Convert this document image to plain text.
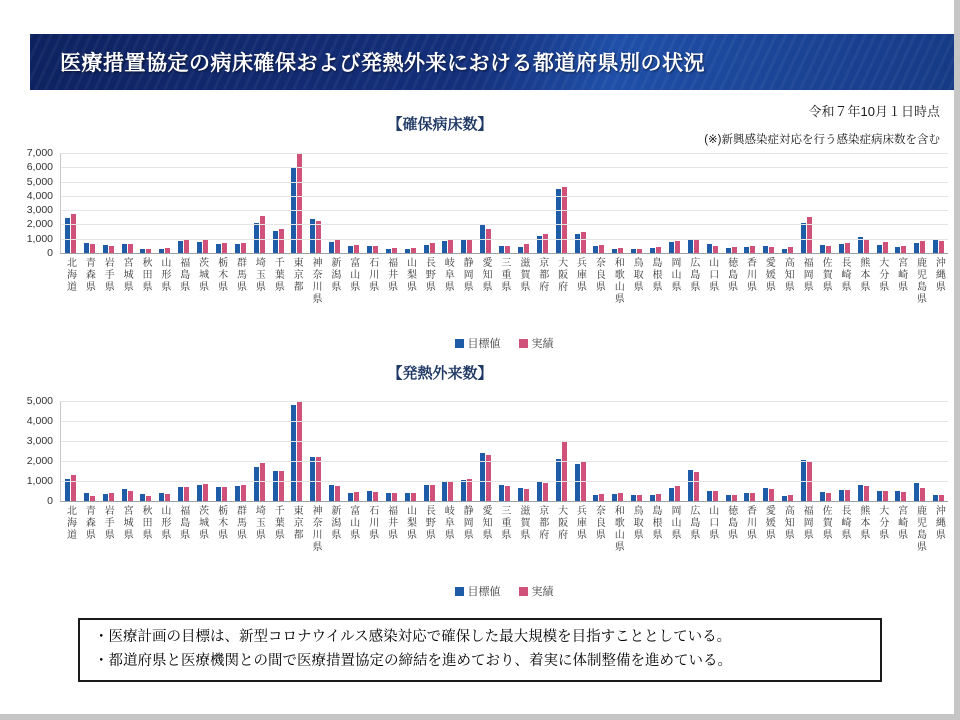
医療措置協定の病床確保および発熱外来における都道府県別の状況
令和７年10月１日時点
【確保病床数】
(※)新興感染症対応を行う感染症病床数を含む
0
1,000
2,000
3,000
4,000
5,000
6,000
7,000
北海道 青森県 岩手県 宮城県 秋田県 山形県 福島県 茨城県 栃木県 群馬県 埼玉県 千葉県 東京都 神奈川県 新潟県 富山県 石川県 福井県 山梨県 長野県 岐阜県 静岡県 愛知県 三重県 滋賀県 京都府 大阪府 兵庫県 奈良県 和歌山県 鳥取県 島根県 岡山県 広島県 山口県 徳島県 香川県 愛媛県 高知県 福岡県 佐賀県 長崎県 熊本県 大分県 宮崎県 鹿児島県 沖縄県
目標値	実績
【発熱外来数】
0
1,000
2,000
3,000
4,000
5,000
北海道 青森県 岩手県 宮城県 秋田県 山形県 福島県 茨城県 栃木県 群馬県 埼玉県 千葉県 東京都 神奈川県 新潟県 富山県 石川県 福井県 山梨県 長野県 岐阜県 静岡県 愛知県 三重県 滋賀県 京都府 大阪府 兵庫県 奈良県 和歌山県 鳥取県 島根県 岡山県 広島県 山口県 徳島県 香川県 愛媛県 高知県 福岡県 佐賀県 長崎県 熊本県 大分県 宮崎県 鹿児島県 沖縄県
目標値	実績
・医療計画の目標は、新型コロナウイルス感染対応で確保した最大規模を目指すこととしている。
・都道府県と医療機関との間で医療措置協定の締結を進めており、着実に体制整備を進めている。
